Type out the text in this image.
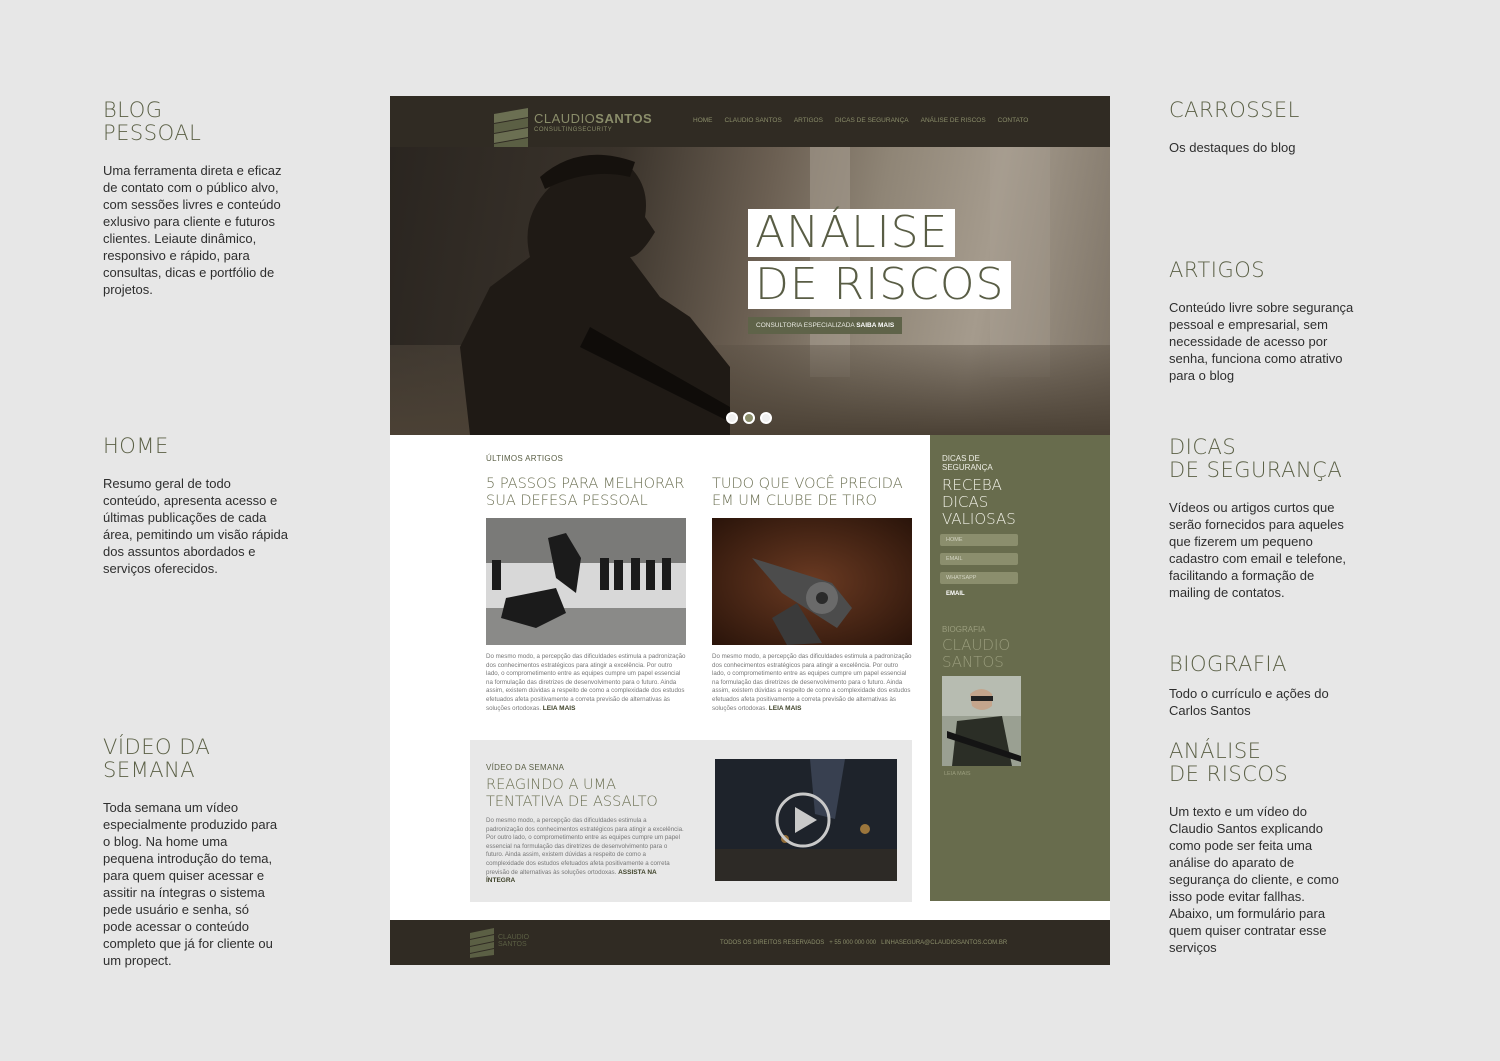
BLOG
PESSOAL

Uma ferramenta direta e eficaz de contato com o público alvo, com sessões livres e conteúdo exlusivo para cliente e futuros clientes. Leiaute dinâmico, responsivo e rápido, para consultas, dicas e portfólio de projetos.

HOME

Resumo geral de todo conteúdo, apresenta acesso e últimas publicações de cada área, pemitindo um visão rápida dos assuntos abordados e serviços oferecidos.

VÍDEO DA
SEMANA

Toda semana um vídeo especialmente produzido para o blog. Na home uma pequena introdução do tema, para quem quiser acessar e assitir na íntegras o sistema pede usuário e senha, só pode acessar o conteúdo completo que já for cliente ou um propect.

CARROSSEL

Os destaques do blog

ARTIGOS

Conteúdo livre sobre segurança pessoal e empresarial, sem necessidade de acesso por senha, funciona como atrativo para o blog

DICAS
DE SEGURANÇA

Vídeos ou artigos curtos que serão fornecidos para aqueles que fizerem um pequeno cadastro com email e telefone, facilitando a formação de mailing de contatos.

BIOGRAFIA

Todo o currículo e ações do Carlos Santos

ANÁLISE
DE RISCOS

Um texto e um vídeo do Claudio Santos explicando como pode ser feita uma análise do aparato de segurança do cliente, e como isso pode evitar fallhas. Abaixo, um formulário para quem quiser contratar esse serviços

CLAUDIOSANTOS
CONSULTINGSECURITY
HOME CLAUDIO SANTOS ARTIGOS DICAS DE SEGURANÇA ANÁLISE DE RISCOS CONTATO
ANÁLISE
DE RISCOS
CONSULTORIA ESPECIALIZADA SAIBA MAIS
ÚLTIMOS ARTIGOS
5 PASSOS PARA MELHORAR SUA DEFESA PESSOAL

Do mesmo modo, a percepção das dificuldades estimula a padronização dos conhecimentos estratégicos para atingir a excelência. Por outro lado, o comprometimento entre as equipes cumpre um papel essencial na formulação das diretrizes de desenvolvimento para o futuro. Ainda assim, existem dúvidas a respeito de como a complexidade dos estudos efetuados afeta positivamente a correta previsão de alternativas às soluções ortodoxas. LEIA MAIS

TUDO QUE VOCÊ PRECIDA EM UM CLUBE DE TIRO

Do mesmo modo, a percepção das dificuldades estimula a padronização dos conhecimentos estratégicos para atingir a excelência. Por outro lado, o comprometimento entre as equipes cumpre um papel essencial na formulação das diretrizes de desenvolvimento para o futuro. Ainda assim, existem dúvidas a respeito de como a complexidade dos estudos efetuados afeta positivamente a correta previsão de alternativas às soluções ortodoxas. LEIA MAIS

VÍDEO DA SEMANA
REAGINDO A UMA TENTATIVA DE ASSALTO

Do mesmo modo, a percepção das dificuldades estimula a padronização dos conhecimentos estratégicos para atingir a excelência. Por outro lado, o comprometimento entre as equipes cumpre um papel essencial na formulação das diretrizes de desenvolvimento para o futuro. Ainda assim, existem dúvidas a respeito de como a complexidade dos estudos efetuados afeta positivamente a correta previsão de alternativas às soluções ortodoxas. ASSISTA NA ÍNTEGRA

DICAS DE SEGURANÇA
RECEBA DICAS VALIOSAS
HOME
EMAIL
WHATSAPP
EMAIL
BIOGRAFIA
CLAUDIO SANTOS
LEIA MAIS
CLAUDIO SANTOS	TODOS OS DIREITOS RESERVADOS + 55 000 000 000 LINHASEGURA@CLAUDIOSANTOS.COM.BR
